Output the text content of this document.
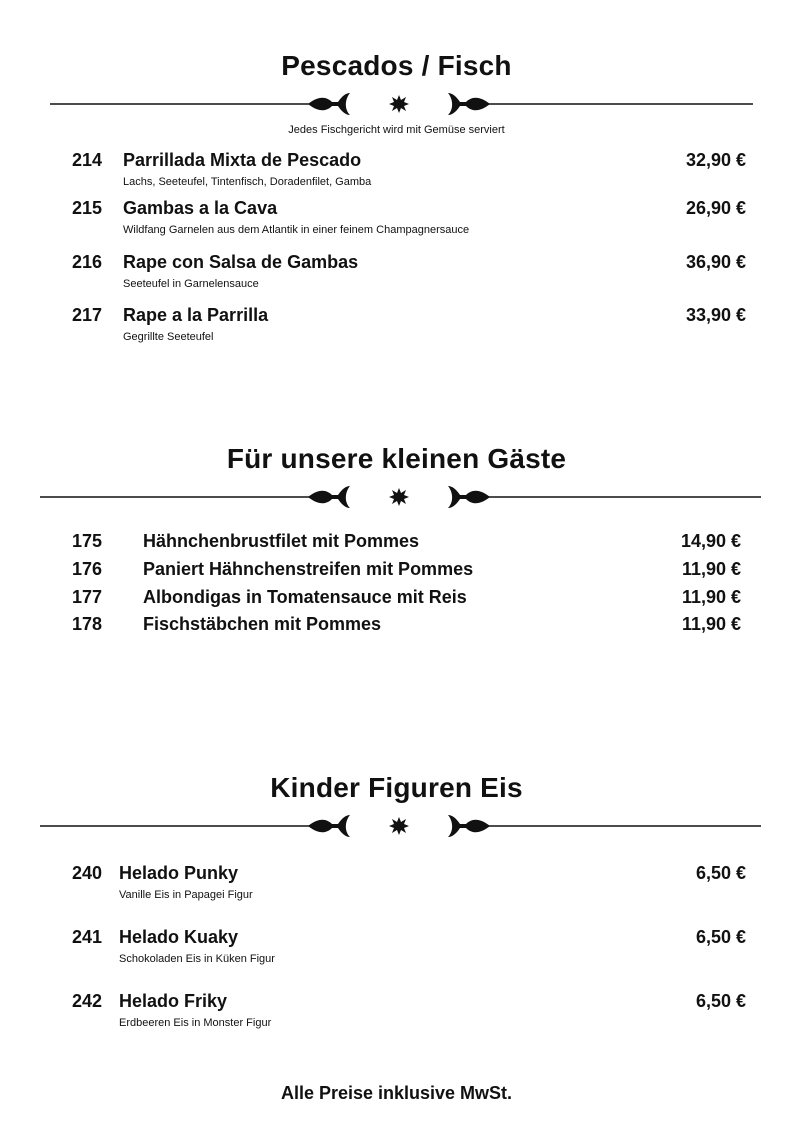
Pescados / Fisch
Jedes Fischgericht wird mit Gemüse serviert
214 Parrillada Mixta de Pescado	32,90 €
Lachs, Seeteufel, Tintenfisch, Doradenfilet, Gamba
215 Gambas a la Cava	26,90 €
Wildfang Garnelen aus dem Atlantik in einer feinem Champagnersauce
216 Rape con Salsa de Gambas	36,90 €
Seeteufel in Garnelensauce
217 Rape a la Parrilla	33,90 €
Gegrillte Seeteufel
Für unsere kleinen Gäste
175 Hähnchenbrustfilet mit Pommes	14,90 €
176 Paniert Hähnchenstreifen mit Pommes	11,90 €
177 Albondigas in Tomatensauce mit Reis	11,90 €
178 Fischstäbchen mit Pommes	11,90 €
Kinder Figuren Eis
240 Helado Punky	6,50 €
Vanille Eis in Papagei Figur
241 Helado Kuaky	6,50 €
Schokoladen Eis in Küken Figur
242 Helado Friky	6,50 €
Erdbeeren Eis in Monster Figur
Alle Preise inklusive MwSt.
